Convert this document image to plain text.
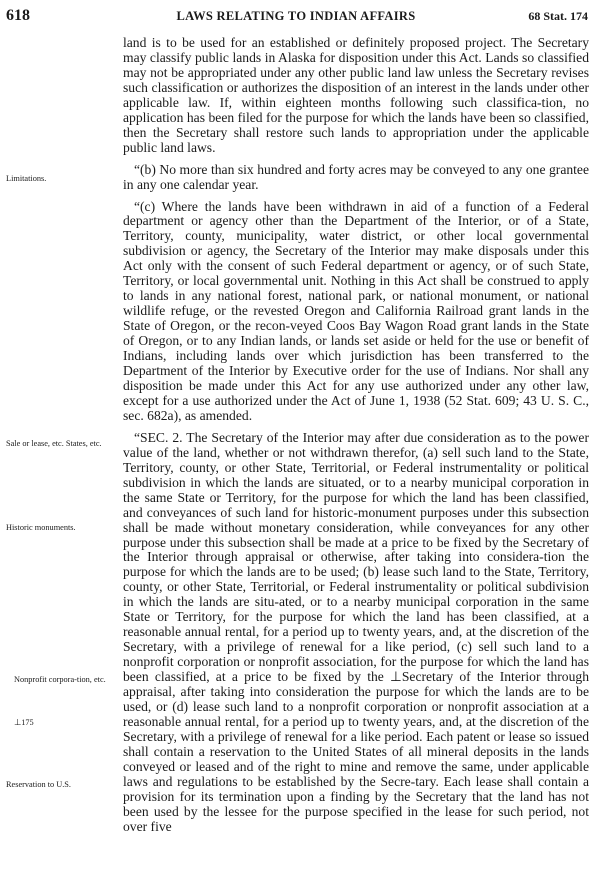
618	LAWS RELATING TO INDIAN AFFAIRS	68 Stat. 174
Limitations.
Sale or lease, etc. States, etc.
Historic monuments.
Nonprofit corpora-tion, etc.
⊥175
Reservation to U.S.

land is to be used for an established or definitely proposed project. The Secretary may classify public lands in Alaska for disposition under this Act. Lands so classified may not be appropriated under any other public land law unless the Secretary revises such classification or authorizes the disposition of an interest in the lands under other applicable law. If, within eighteen months following such classifica-tion, no application has been filed for the purpose for which the lands have been so classified, then the Secretary shall restore such lands to appropriation under the applicable public land laws.

“(b) No more than six hundred and forty acres may be conveyed to any one grantee in any one calendar year.

“(c) Where the lands have been withdrawn in aid of a function of a Federal department or agency other than the Department of the Interior, or of a State, Territory, county, municipality, water district, or other local governmental subdivision or agency, the Secretary of the Interior may make disposals under this Act only with the consent of such Federal department or agency, or of such State, Territory, or local governmental unit. Nothing in this Act shall be construed to apply to lands in any national forest, national park, or national monument, or national wildlife refuge, or the revested Oregon and California Railroad grant lands in the State of Oregon, or the recon-veyed Coos Bay Wagon Road grant lands in the State of Oregon, or to any Indian lands, or lands set aside or held for the use or benefit of Indians, including lands over which jurisdiction has been transferred to the Department of the Interior by Executive order for the use of Indians. Nor shall any disposition be made under this Act for any use authorized under any other law, except for a use authorized under the Act of June 1, 1938 (52 Stat. 609; 43 U. S. C., sec. 682a), as amended.

“SEC. 2. The Secretary of the Interior may after due consideration as to the power value of the land, whether or not withdrawn therefor, (a) sell such land to the State, Territory, county, or other State, Territorial, or Federal instrumentality or political subdivision in which the lands are situated, or to a nearby municipal corporation in the same State or Territory, for the purpose for which the land has been classified, and conveyances of such land for historic-monument purposes under this subsection shall be made without monetary consideration, while conveyances for any other purpose under this subsection shall be made at a price to be fixed by the Secretary of the Interior through appraisal or otherwise, after taking into considera-tion the purpose for which the lands are to be used; (b) lease such land to the State, Territory, county, or other State, Territorial, or Federal instrumentality or political subdivision in which the lands are situ-ated, or to a nearby municipal corporation in the same State or Territory, for the purpose for which the land has been classified, at a reasonable annual rental, for a period up to twenty years, and, at the discretion of the Secretary, with a privilege of renewal for a like period, (c) sell such land to a nonprofit corporation or nonprofit association, for the purpose for which the land has been classified, at a price to be fixed by the ⊥Secretary of the Interior through appraisal, after taking into consideration the purpose for which the lands are to be used, or (d) lease such land to a nonprofit corporation or nonprofit association at a reasonable annual rental, for a period up to twenty years, and, at the discretion of the Secretary, with a privilege of renewal for a like period. Each patent or lease so issued shall contain a reservation to the United States of all mineral deposits in the lands conveyed or leased and of the right to mine and remove the same, under applicable laws and regulations to be established by the Secre-tary. Each lease shall contain a provision for its termination upon a finding by the Secretary that the land has not been used by the lessee for the purpose specified in the lease for such period, not over five
